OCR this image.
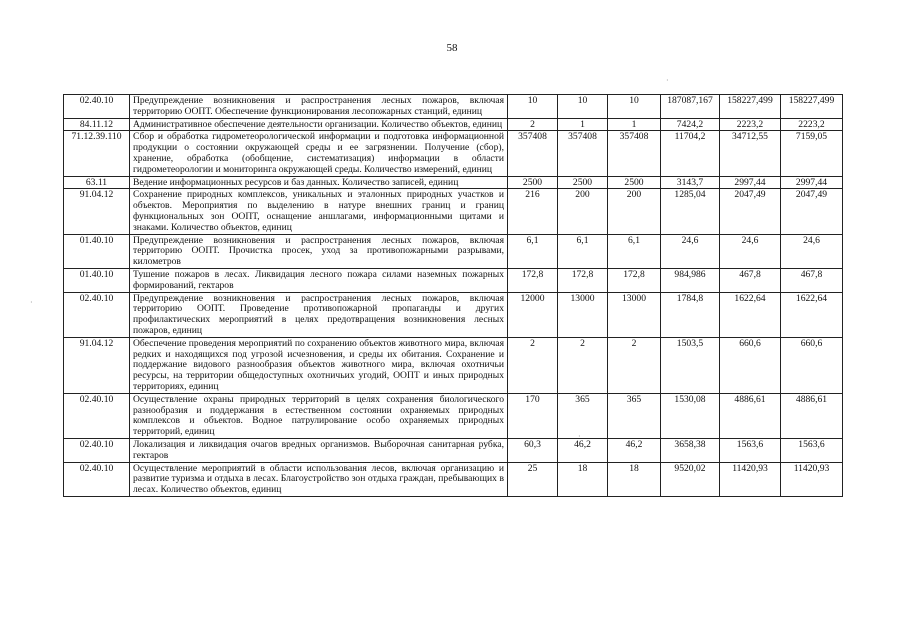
58
02.40.10	Предупреждение возникновения и распространения лесных пожаров, включая территорию ООПТ. Обеспечение функционирования лесопожарных станций, единиц	10	10	10	187087,167	158227,499	158227,499
84.11.12	Административное обеспечение деятельности организации. Количество объектов, единиц	2	1	1	7424,2	2223,2	2223,2
71.12.39.110	Сбор и обработка гидрометеорологической информации и подготовка информационной продукции о состоянии окружающей среды и ее загрязнении. Получение (сбор), хранение, обработка (обобщение, систематизация) информации в области гидрометеорологии и мониторинга окружающей среды. Количество измерений, единиц	357408	357408	357408	11704,2	34712,55	7159,05
63.11	Ведение информационных ресурсов и баз данных. Количество записей, единиц	2500	2500	2500	3143,7	2997,44	2997,44
91.04.12	Сохранение природных комплексов, уникальных и эталонных природных участков и объектов. Мероприятия по выделению в натуре внешних границ и границ функциональных зон ООПТ, оснащение аншлагами, информационными щитами и знаками. Количество объектов, единиц	216	200	200	1285,04	2047,49	2047,49
01.40.10	Предупреждение возникновения и распространения лесных пожаров, включая территорию ООПТ. Прочистка просек, уход за противопожарными разрывами, километров	6,1	6,1	6,1	24,6	24,6	24,6
01.40.10	Тушение пожаров в лесах. Ликвидация лесного пожара силами наземных пожарных формирований, гектаров	172,8	172,8	172,8	984,986	467,8	467,8
02.40.10	Предупреждение возникновения и распространения лесных пожаров, включая территорию ООПТ. Проведение противопожарной пропаганды и других профилактических мероприятий в целях предотвращения возникновения лесных пожаров, единиц	12000	13000	13000	1784,8	1622,64	1622,64
91.04.12	Обеспечение проведения мероприятий по сохранению объектов животного мира, включая редких и находящихся под угрозой исчезновения, и среды их обитания. Сохранение и поддержание видового разнообразия объектов животного мира, включая охотничьи ресурсы, на территории общедоступных охотничьих угодий, ООПТ и иных природных территориях, единиц	2	2	2	1503,5	660,6	660,6
02.40.10	Осуществление охраны природных территорий в целях сохранения биологического разнообразия и поддержания в естественном состоянии охраняемых природных комплексов и объектов. Водное патрулирование особо охраняемых природных территорий, единиц	170	365	365	1530,08	4886,61	4886,61
02.40.10	Локализация и ликвидация очагов вредных организмов. Выборочная санитарная рубка, гектаров	60,3	46,2	46,2	3658,38	1563,6	1563,6
02.40.10	Осуществление мероприятий в области использования лесов, включая организацию и развитие туризма и отдыха в лесах. Благоустройство зон отдыха граждан, пребывающих в лесах. Количество объектов, единиц	25	18	18	9520,02	11420,93	11420,93
·
·
·
